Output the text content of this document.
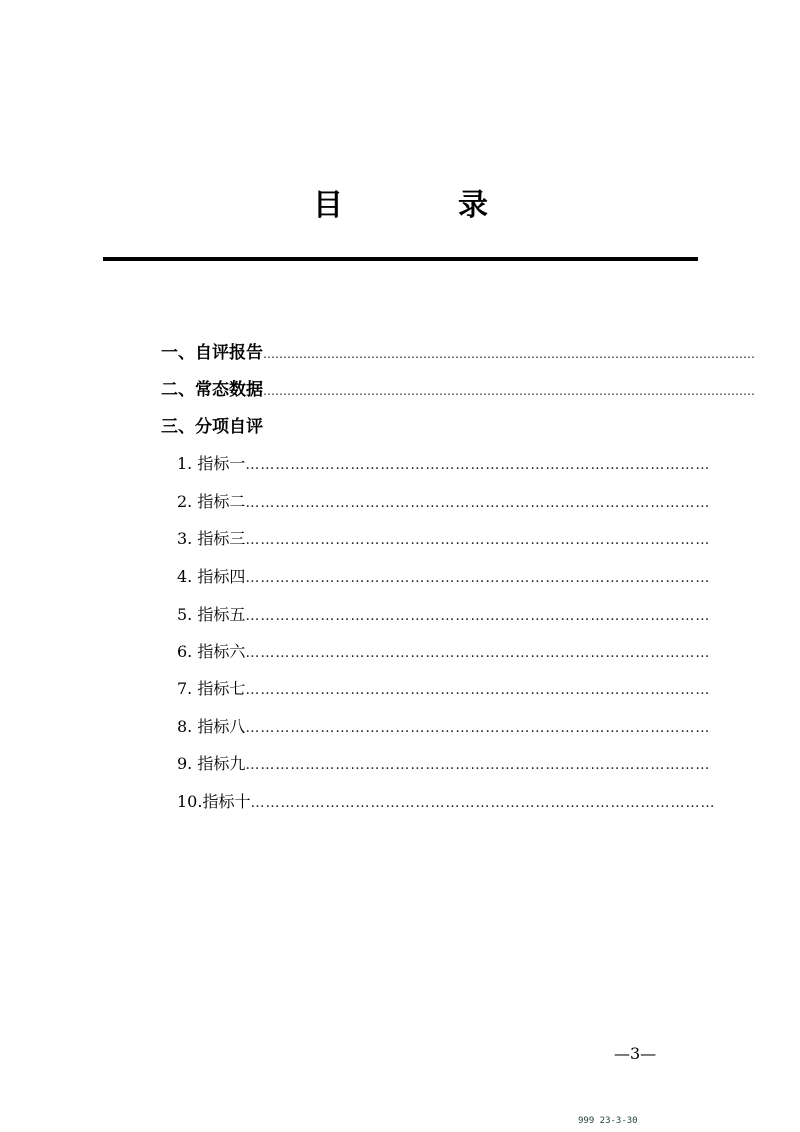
目	录
一、自评报告 ……………………………………………………………………………………………………………
二、常态数据 ……………………………………………………………………………………………………………
三、分项自评
1. 指标一 …………………………………………………………………………………
2. 指标二 …………………………………………………………………………………
3. 指标三 …………………………………………………………………………………
4. 指标四 …………………………………………………………………………………
5. 指标五 …………………………………………………………………………………
6. 指标六 …………………………………………………………………………………
7. 指标七 …………………………………………………………………………………
8. 指标八 …………………………………………………………………………………
9. 指标九 …………………………………………………………………………………
10.指标十 …………………………………………………………………………………
—3—
999 23-3-30
